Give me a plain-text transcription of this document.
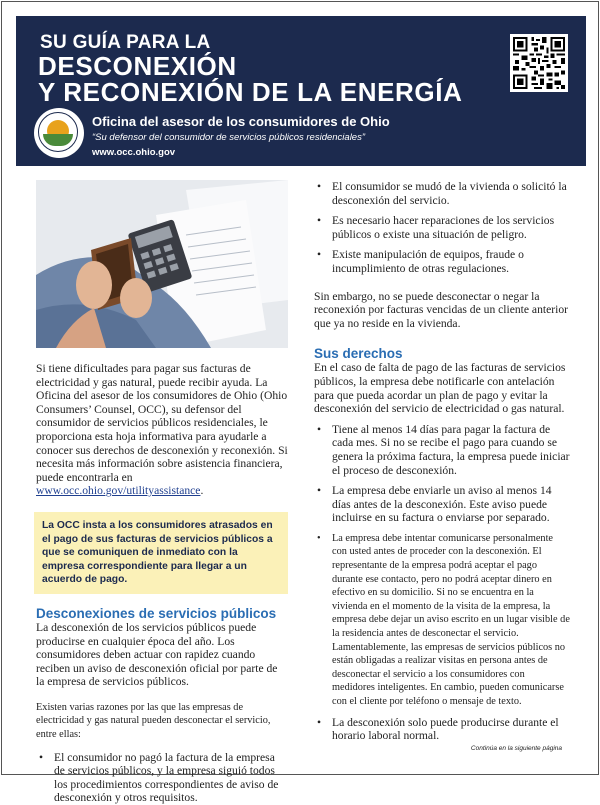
SU GUÍA PARA LA
DESCONEXIÓN
Y RECONEXIÓN DE LA ENERGÍA
Oficina del asesor de los consumidores de Ohio
“Su defensor del consumidor de servicios públicos residenciales”
www.occ.ohio.gov

Si tiene dificultades para pagar sus facturas de electricidad y gas natural, puede recibir ayuda. La Oficina del asesor de los consumidores de Ohio (Ohio Consumers’ Counsel, OCC), su defensor del consumidor de servicios públicos residenciales, le proporciona esta hoja informativa para ayudarle a conocer sus derechos de desconexión y reconexión. Si necesita más información sobre asistencia financiera, puede encontrarla en www.occ.ohio.gov/utilityassistance.

La OCC insta a los consumidores atrasados en el pago de sus facturas de servicios públicos a que se comuniquen de inmediato con la empresa correspondiente para llegar a un acuerdo de pago.
Desconexiones de servicios públicos

La desconexión de los servicios públicos puede producirse en cualquier época del año. Los consumidores deben actuar con rapidez cuando reciben un aviso de desconexión oficial por parte de la empresa de servicios públicos.

Existen varias razones por las que las empresas de electricidad y gas natural pueden desconectar el servicio, entre ellas:

• El consumidor no pagó la factura de la empresa de servicios públicos, y la empresa siguió todos los procedimientos correspondientes de aviso de desconexión y otros requisitos.
• El consumidor se mudó de la vivienda o solicitó la desconexión del servicio.
• Es necesario hacer reparaciones de los servicios públicos o existe una situación de peligro.
• Existe manipulación de equipos, fraude o incumplimiento de otras regulaciones.

Sin embargo, no se puede desconectar o negar la reconexión por facturas vencidas de un cliente anterior que ya no reside en la vivienda.

Sus derechos

En el caso de falta de pago de las facturas de servicios públicos, la empresa debe notificarle con antelación para que pueda acordar un plan de pago y evitar la desconexión del servicio de electricidad o gas natural.

• Tiene al menos 14 días para pagar la factura de cada mes. Si no se recibe el pago para cuando se genera la próxima factura, la empresa puede iniciar el proceso de desconexión.
• La empresa debe enviarle un aviso al menos 14 días antes de la desconexión. Este aviso puede incluirse en su factura o enviarse por separado.
• La empresa debe intentar comunicarse personalmente con usted antes de proceder con la desconexión. El representante de la empresa podrá aceptar el pago durante ese contacto, pero no podrá aceptar dinero en efectivo en su domicilio. Si no se encuentra en la vivienda en el momento de la visita de la empresa, la empresa debe dejar un aviso escrito en un lugar visible de la residencia antes de desconectar el servicio. Lamentablemente, las empresas de servicios públicos no están obligadas a realizar visitas en persona antes de desconectar el servicio a los consumidores con medidores inteligentes. En cambio, pueden comunicarse con el cliente por teléfono o mensaje de texto.
• La desconexión solo puede producirse durante el horario laboral normal.
Continúa en la siguiente página
